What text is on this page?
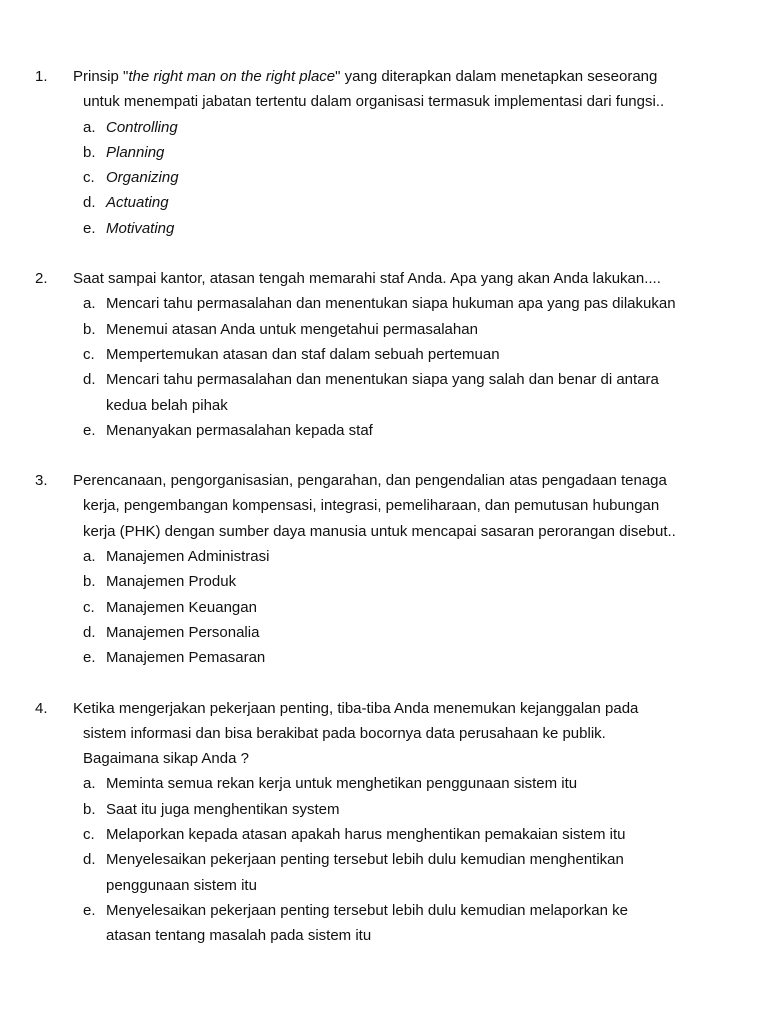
1. Prinsip "the right man on the right place" yang diterapkan dalam menetapkan seseorang
untuk menempati jabatan tertentu dalam organisasi termasuk implementasi dari fungsi..
a. Controlling
b. Planning
c. Organizing
d. Actuating
e. Motivating
2. Saat sampai kantor, atasan tengah memarahi staf Anda. Apa yang akan Anda lakukan....
a. Mencari tahu permasalahan dan menentukan siapa hukuman apa yang pas dilakukan
b. Menemui atasan Anda untuk mengetahui permasalahan
c. Mempertemukan atasan dan staf dalam sebuah pertemuan
d. Mencari tahu permasalahan dan menentukan siapa yang salah dan benar di antara
kedua belah pihak
e. Menanyakan permasalahan kepada staf
3. Perencanaan, pengorganisasian, pengarahan, dan pengendalian atas pengadaan tenaga
kerja, pengembangan kompensasi, integrasi, pemeliharaan, dan pemutusan hubungan
kerja (PHK) dengan sumber daya manusia untuk mencapai sasaran perorangan disebut..
a. Manajemen Administrasi
b. Manajemen Produk
c. Manajemen Keuangan
d. Manajemen Personalia
e. Manajemen Pemasaran
4. Ketika mengerjakan pekerjaan penting, tiba-tiba Anda menemukan kejanggalan pada
sistem informasi dan bisa berakibat pada bocornya data perusahaan ke publik.
Bagaimana sikap Anda ?
a. Meminta semua rekan kerja untuk menghetikan penggunaan sistem itu
b. Saat itu juga menghentikan system
c. Melaporkan kepada atasan apakah harus menghentikan pemakaian sistem itu
d. Menyelesaikan pekerjaan penting tersebut lebih dulu kemudian menghentikan
penggunaan sistem itu
e. Menyelesaikan pekerjaan penting tersebut lebih dulu kemudian melaporkan ke
atasan tentang masalah pada sistem itu
